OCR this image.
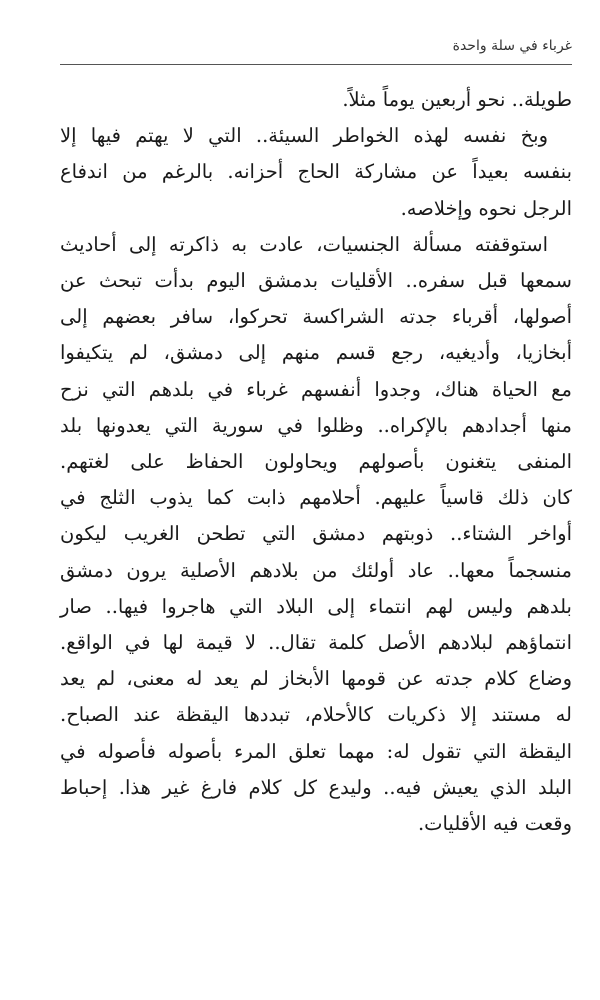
غرباء في سلة واحدة
طويلة.. نحو أربعين يوماً مثلاً.
وبخ نفسه لهذه الخواطر السيئة.. التي لا يهتم فيها إلا
بنفسه بعيداً عن مشاركة الحاج أحزانه. بالرغم من اندفاع
الرجل نحوه وإخلاصه.
استوقفته مسألة الجنسيات، عادت به ذاكرته إلى أحاديث
سمعها قبل سفره.. الأقليات بدمشق اليوم بدأت تبحث عن
أصولها، أقرباء جدته الشراكسة تحركوا، سافر بعضهم إلى
أبخازيا، وأديغيه، رجع قسم منهم إلى دمشق، لم يتكيفوا
مع الحياة هناك، وجدوا أنفسهم غرباء في بلدهم التي نزح
منها أجدادهم بالإكراه.. وظلوا في سورية التي يعدونها بلد
المنفى يتغنون بأصولهم ويحاولون الحفاظ على لغتهم.
كان ذلك قاسياً عليهم. أحلامهم ذابت كما يذوب الثلج في
أواخر الشتاء.. ذوبتهم دمشق التي تطحن الغريب ليكون
منسجماً معها.. عاد أولئك من بلادهم الأصلية يرون دمشق
بلدهم وليس لهم انتماء إلى البلاد التي هاجروا فيها.. صار
انتماؤهم لبلادهم الأصل كلمة تقال.. لا قيمة لها في الواقع.
وضاع كلام جدته عن قومها الأبخاز لم يعد له معنى، لم يعد
له مستند إلا ذكريات كالأحلام، تبددها اليقظة عند الصباح.
اليقظة التي تقول له: مهما تعلق المرء بأصوله فأصوله في
البلد الذي يعيش فيه.. وليدع كل كلام فارغ غير هذا. إحباط
وقعت فيه الأقليات.
